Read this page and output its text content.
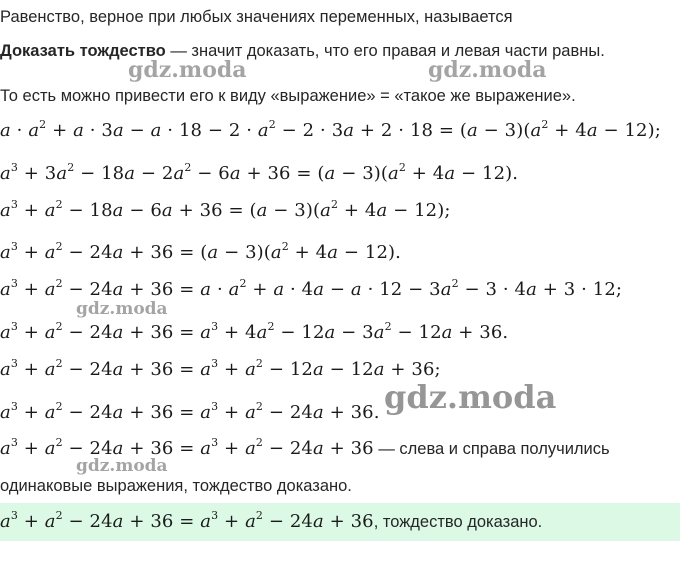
Равенство, верное при любых значениях переменных, называется
Доказать тождество — значит доказать, что его правая и левая части равны.
То есть можно привести его к виду «выражение» = «такое же выражение».
$a \cdot a^2 + a \cdot 3a - a \cdot 18 - 2 \cdot a^2 - 2 \cdot 3a + 2 \cdot 18 = (a - 3)(a^2 + 4a - 12)$;
$a^3 + 3a^2 - 18a - 2a^2 - 6a + 36 = (a - 3)(a^2 + 4a - 12)$.
$a^3 + a^2 - 18a - 6a + 36 = (a - 3)(a^2 + 4a - 12)$;
$a^3 + a^2 - 24a + 36 = (a - 3)(a^2 + 4a - 12)$.
$a^3 + a^2 - 24a + 36 = a \cdot a^2 + a \cdot 4a - a \cdot 12 - 3a^2 - 3 \cdot 4a + 3 \cdot 12$;
$a^3 + a^2 - 24a + 36 = a^3 + 4a^2 - 12a - 3a^2 - 12a + 36$.
$a^3 + a^2 - 24a + 36 = a^3 + a^2 - 12a - 12a + 36$;
$a^3 + a^2 - 24a + 36 = a^3 + a^2 - 24a + 36$.
$a^3 + a^2 - 24a + 36 = a^3 + a^2 - 24a + 36$ — слева и справа получились
одинаковые выражения, тождество доказано.
$a^3 + a^2 - 24a + 36 = a^3 + a^2 - 24a + 36$, тождество доказано.
gdz.moda	gdz.moda
gdz.moda
gdz.moda
gdz.moda
